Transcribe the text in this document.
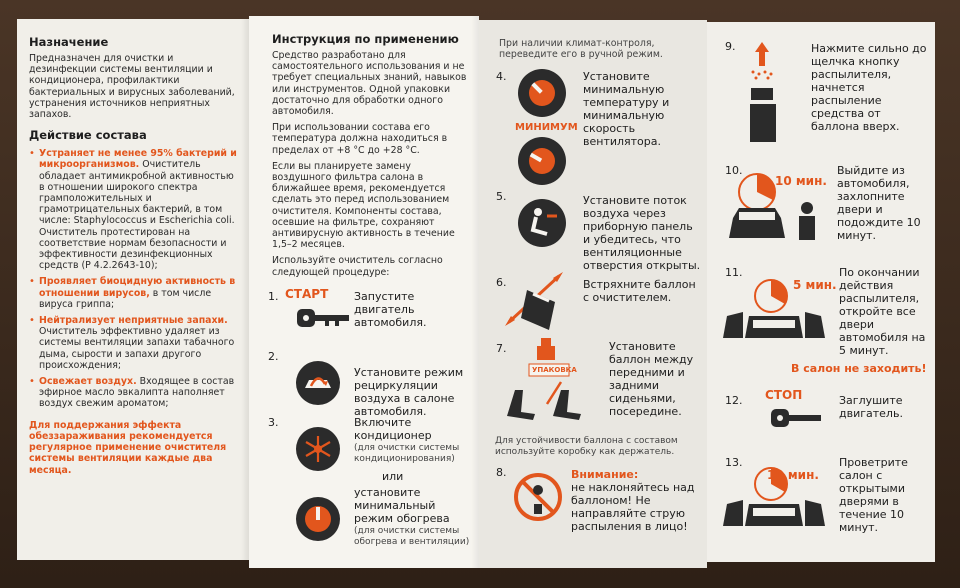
Назначение

Предназначен для очистки и дезинфекции системы вентиляции и кондиционера, профилактики бактериальных и вирусных заболеваний, устранения источников неприятных запахов.

Действие состава

• Устраняет не менее 95% бактерий и микроорганизмов. Очиститель обладает антимикробной активностью в отношении широкого спектра грамположительных и грамотрицательных бактерий, в том числе: Staphylococcus и Escherichia coli. Очиститель протестирован на соответствие нормам безопасности и эффективности дезинфекционных средств (Р 4.2.2643-10);
• Проявляет биоцидную активность в отношении вирусов, в том числе вируса гриппа;
• Нейтрализует неприятные запахи. Очиститель эффективно удаляет из системы вентиляции запахи табачного дыма, сырости и запахи другого происхождения;
• Освежает воздух. Входящее в состав эфирное масло эвкалипта наполняет воздух свежим ароматом;

Для поддержания эффекта обеззараживания рекомендуется регулярное применение очистителя системы вентиляции каждые два месяца.

Инструкция по применению

Средство разработано для самостоятельного использования и не требует специальных знаний, навыков или инструментов. Одной упаковки достаточно для обработки одного автомобиля.

При использовании состава его температура должна находиться в пределах от +8 °С до +28 °С.

Если вы планируете замену воздушного фильтра салона в ближайшее время, рекомендуется сделать это перед использованием очистителя. Компоненты состава, осевшие на фильтре, сохраняют антивирусную активность в течение 1,5–2 месяцев.

Используйте очиститель согласно следующей процедуре:

1. СТАРТ Запустите двигатель автомобиля.
2.
Установите режим рециркуляции воздуха в салоне автомобиля.
3.	Включите кондиционер
(для очистки системы кондиционирования)
или
установите минимальный режим обогрева
(для очистки системы обогрева и вентиляции)
При наличии климат-контроля, переведите его в ручной режим.
4.
МИНИМУМ
Установите минимальную температуру и минимальную скорость вентилятора.
5.	Установите поток воздуха через приборную панель и убедитесь, что вентиляционные отверстия открыты.
6.	Встряхните баллон с очистителем.
7.
УПАКОВКА
Установите баллон между передними и задними сиденьями, посередине.
Для устойчивости баллона с составом используйте коробку как держатель.
8.	Внимание:
не наклоняйтесь над баллоном! Не направляйте струю распыления в лицо!
9.	Нажмите сильно до щелчка кнопку распылителя, начнется распыление средства от баллона вверх.
10.
10 мин.
Выйдите из автомобиля, захлопните двери и подождите 10 минут.
11.
5 мин.
По окончании действия распылителя, откройте все двери автомобиля на 5 минут.
В салон не заходить!
12. СТОП	Заглушите двигатель.
13.
10 мин.
Проветрите салон с открытыми дверями в течение 10 минут.
